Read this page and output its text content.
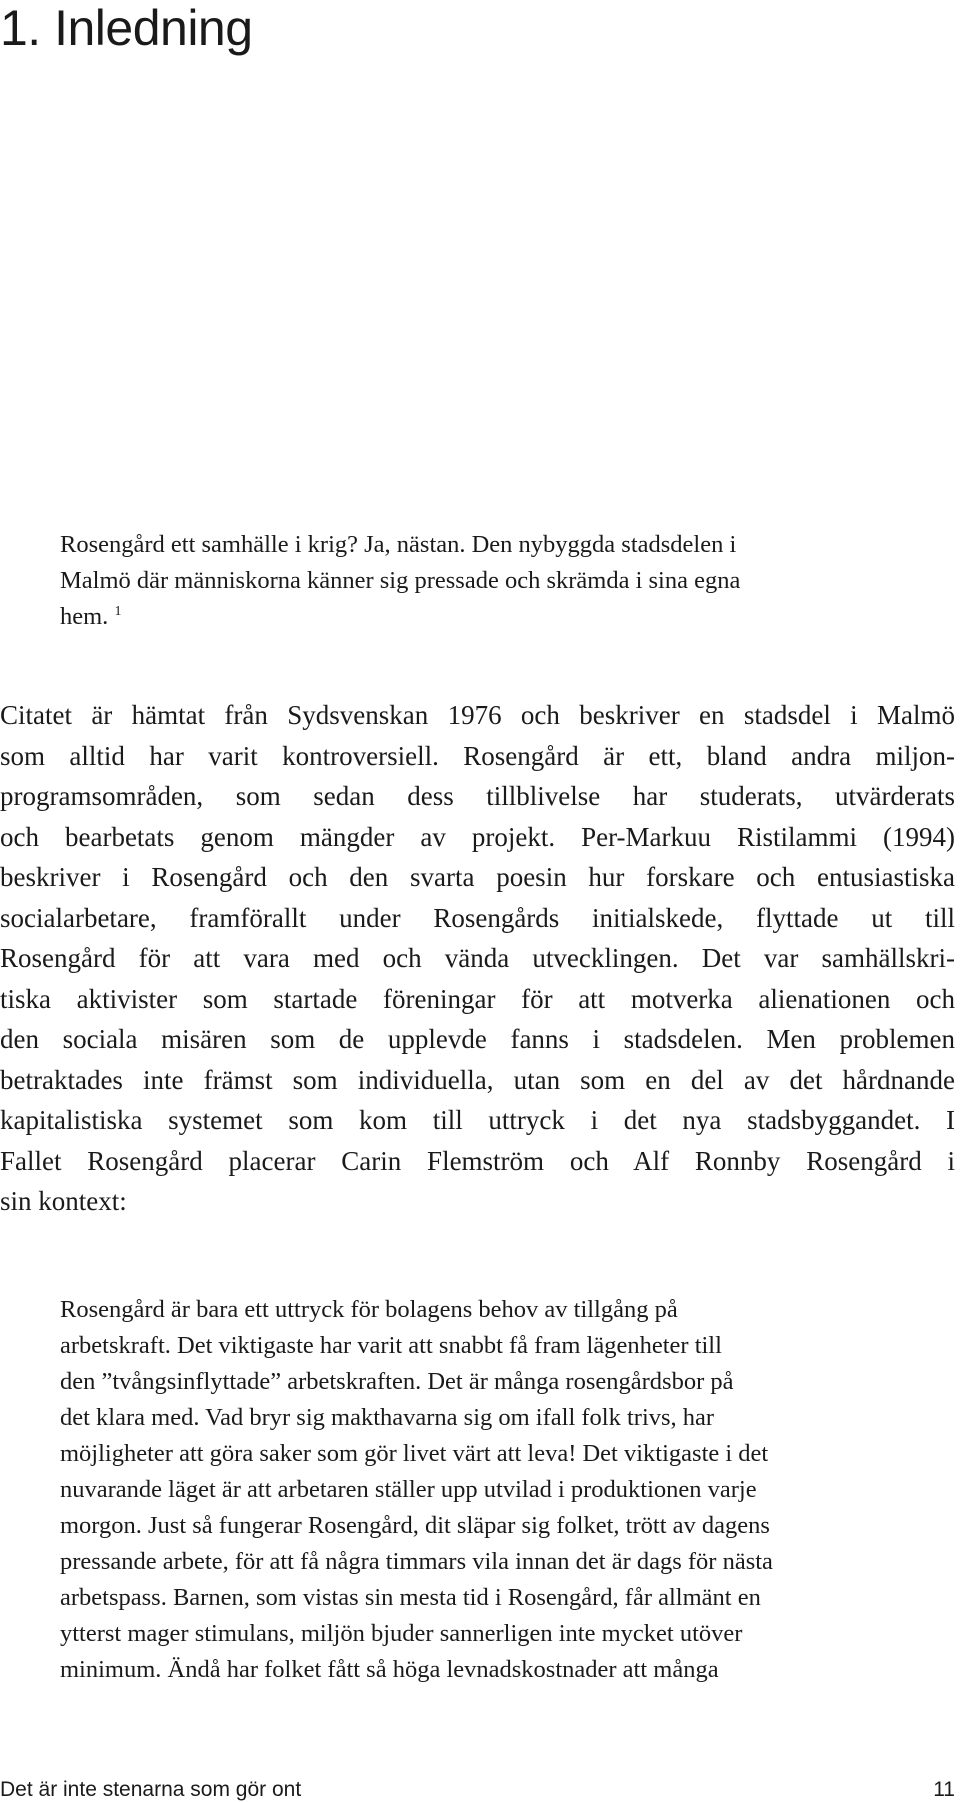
1. Inledning
Rosengård ett samhälle i krig? Ja, nästan. Den nybyggda stadsdelen i
Malmö där människorna känner sig pressade och skrämda i sina egna
hem. $^1$
Citatet är hämtat från Sydsvenskan 1976 och beskriver en stadsdel i Malmö
som alltid har varit kontroversiell. Rosengård är ett, bland andra miljon-
programsområden, som sedan dess tillblivelse har studerats, utvärderats
och bearbetats genom mängder av projekt. Per-Markuu Ristilammi (1994)
beskriver i Rosengård och den svarta poesin hur forskare och entusiastiska
socialarbetare, framförallt under Rosengårds initialskede, flyttade ut till
Rosengård för att vara med och vända utvecklingen. Det var samhällskri-
tiska aktivister som startade föreningar för att motverka alienationen och
den sociala misären som de upplevde fanns i stadsdelen. Men problemen
betraktades inte främst som individuella, utan som en del av det hårdnande
kapitalistiska systemet som kom till uttryck i det nya stadsbyggandet. I
Fallet Rosengård placerar Carin Flemström och Alf Ronnby Rosengård i
sin kontext:
Rosengård är bara ett uttryck för bolagens behov av tillgång på
arbetskraft. Det viktigaste har varit att snabbt få fram lägenheter till
den ”tvångsinflyttade” arbetskraften. Det är många rosengårdsbor på
det klara med. Vad bryr sig makthavarna sig om ifall folk trivs, har
möjligheter att göra saker som gör livet värt att leva! Det viktigaste i det
nuvarande läget är att arbetaren ställer upp utvilad i produktionen varje
morgon. Just så fungerar Rosengård, dit släpar sig folket, trött av dagens
pressande arbete, för att få några timmars vila innan det är dags för nästa
arbetspass. Barnen, som vistas sin mesta tid i Rosengård, får allmänt en
ytterst mager stimulans, miljön bjuder sannerligen inte mycket utöver
minimum. Ändå har folket fått så höga levnadskostnader att många
Det är inte stenarna som gör ont	11
